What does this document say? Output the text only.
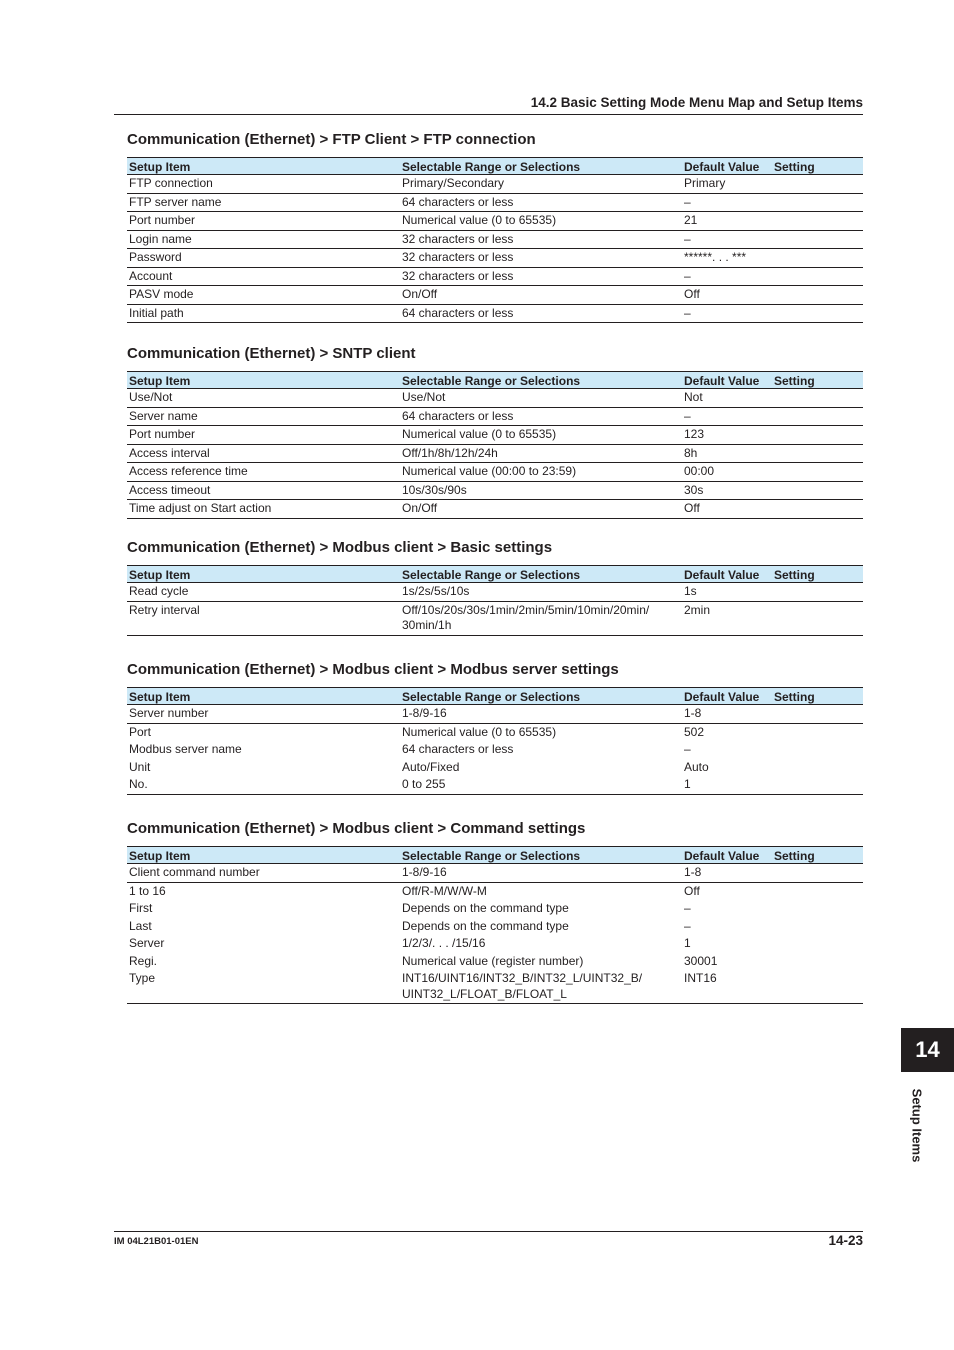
14.2 Basic Setting Mode Menu Map and Setup Items
Communication (Ethernet) > FTP Client > FTP connection
Setup Item	Selectable Range or Selections	Default Value	Setting
FTP connection	Primary/Secondary	Primary	
FTP server name	64 characters or less	–	
Port number	Numerical value (0 to 65535)	21	
Login name	32 characters or less	–	
Password	32 characters or less	******. . . ***	
Account	32 characters or less	–	
PASV mode	On/Off	Off	
Initial path	64 characters or less	–	
Communication (Ethernet) > SNTP client
Setup Item	Selectable Range or Selections	Default Value	Setting
Use/Not	Use/Not	Not	
Server name	64 characters or less	–	
Port number	Numerical value (0 to 65535)	123	
Access interval	Off/1h/8h/12h/24h	8h	
Access reference time	Numerical value (00:00 to 23:59)	00:00	
Access timeout	10s/30s/90s	30s	
Time adjust on Start action	On/Off	Off	
Communication (Ethernet) > Modbus client > Basic settings
Setup Item	Selectable Range or Selections	Default Value	Setting
Read cycle	1s/2s/5s/10s	1s	
Retry interval	Off/10s/20s/30s/1min/2min/5min/10min/20min/ 30min/1h	2min	
Communication (Ethernet) > Modbus client > Modbus server settings
Setup Item	Selectable Range or Selections	Default Value	Setting
Server number	1-8/9-16	1-8	
Port	Numerical value (0 to 65535)	502	
Modbus server name	64 characters or less	–	
Unit	Auto/Fixed	Auto	
No.	0 to 255	1	
Communication (Ethernet) > Modbus client > Command settings
Setup Item	Selectable Range or Selections	Default Value	Setting
Client command number	1-8/9-16	1-8	
1 to 16	Off/R-M/W/W-M	Off	
First	Depends on the command type	–	
Last	Depends on the command type	–	
Server	1/2/3/. . . /15/16	1	
Regi.	Numerical value (register number)	30001	
Type	INT16/UINT16/INT32_B/INT32_L/UINT32_B/ UINT32_L/FLOAT_B/FLOAT_L	INT16	
14
Setup Items
IM 04L21B01-01EN	14-23
